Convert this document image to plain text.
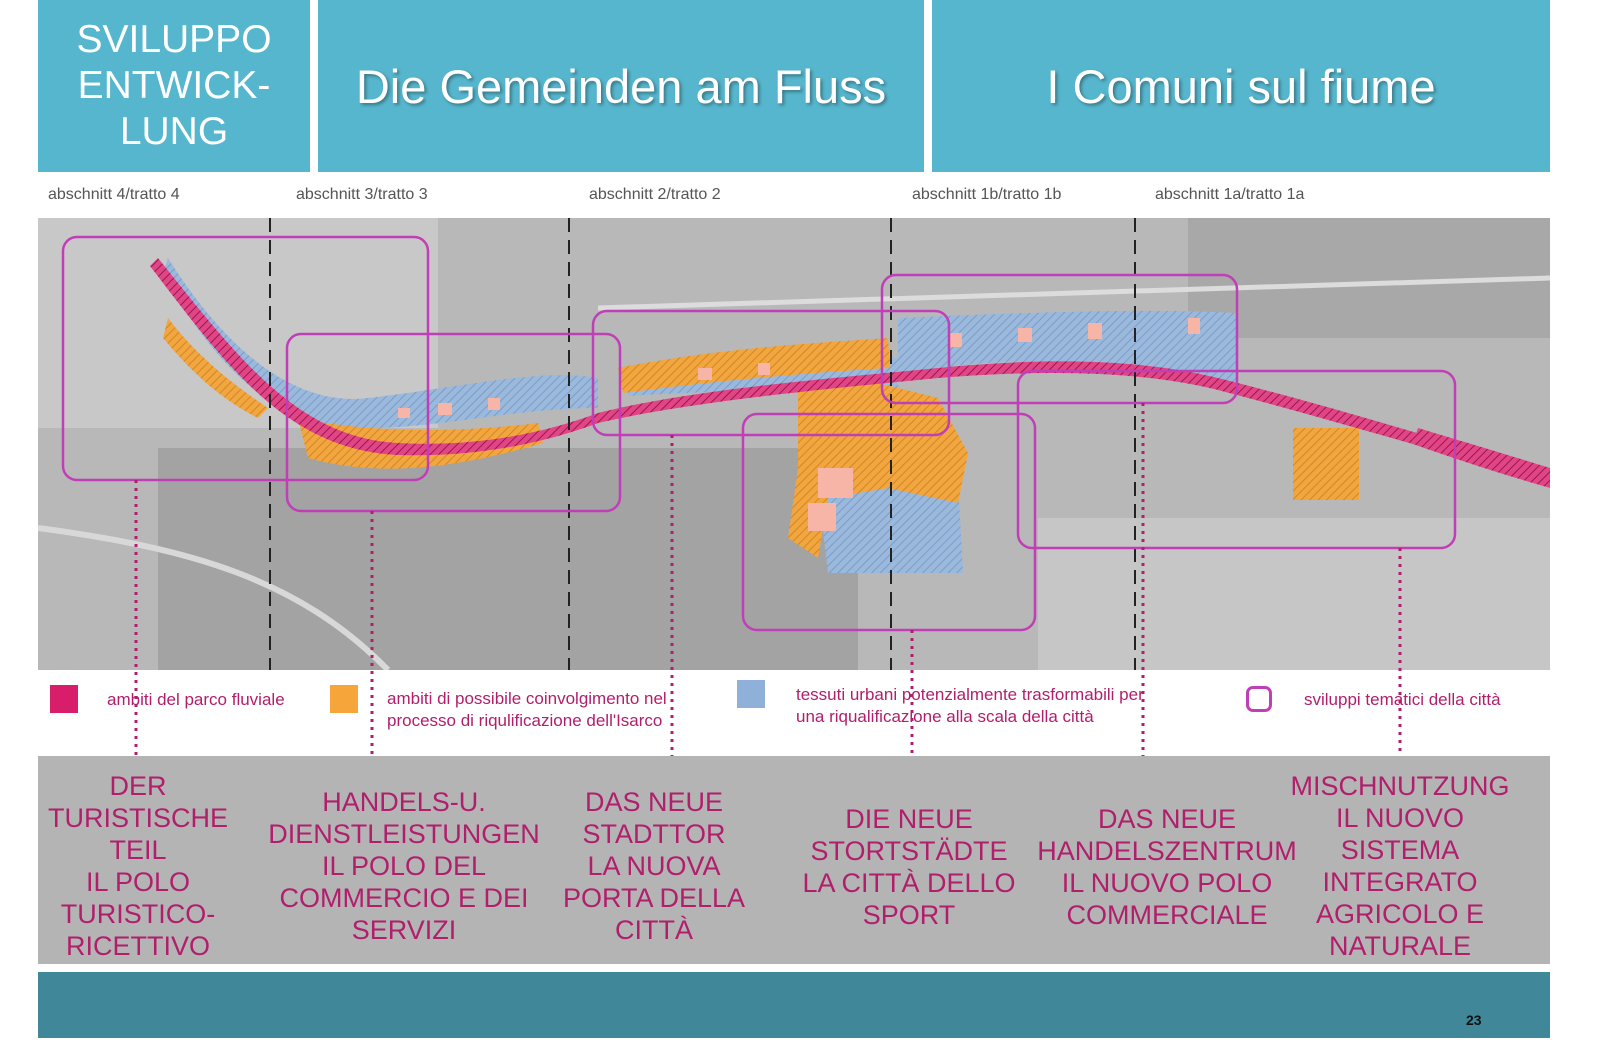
SVILUPPO
ENTWICK-
LUNG
Die Gemeinden am Fluss	I Comuni sul fiume
abschnitt 4/tratto 4	abschnitt 3/tratto 3	abschnitt 2/tratto 2	abschnitt 1b/tratto 1b	abschnitt 1a/tratto 1a
ambiti del parco fluviale	ambiti di possibile coinvolgimento nel
processo di riqulificazione dell'Isarco
tessuti urbani potenzialmente trasformabili per
una riqualificazione alla scala della città
sviluppi tematici della città
DER
TURISTISCHE
TEIL
IL POLO
TURISTICO-
RICETTIVO
HANDELS-U.
DIENSTLEISTUNGEN
IL POLO DEL
COMMERCIO E DEI
SERVIZI
DAS NEUE
STADTTOR
LA NUOVA
PORTA DELLA
CITTÀ
DIE NEUE
STORTSTÄDTE
LA CITTÀ DELLO
SPORT
DAS NEUE
HANDELSZENTRUM
IL NUOVO POLO
COMMERCIALE
MISCHNUTZUNG
IL NUOVO
SISTEMA
INTEGRATO
AGRICOLO E
NATURALE
23
